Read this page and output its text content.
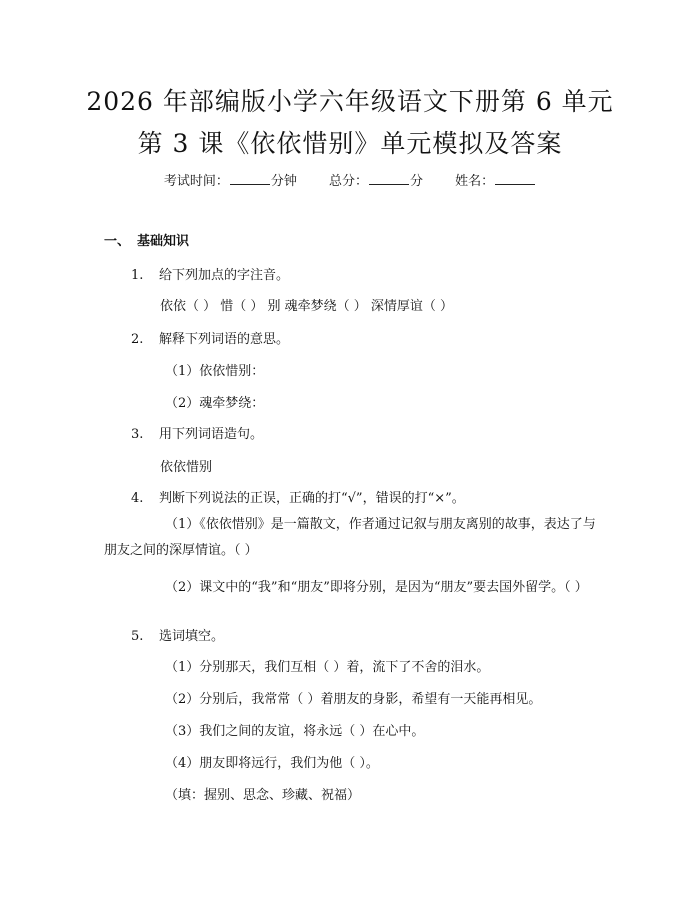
2026 年部编版小学六年级语文下册第 6 单元
第 3 课《依依惜别》单元模拟及答案
考试时间：	分钟 总分：	分 姓名：
一、 基础知识
1. 给下列加点的字注音。
依依（ ） 惜（ ） 别 魂牵梦绕（ ） 深情厚谊（ ）
2. 解释下列词语的意思。
（1）依依惜别：
（2）魂牵梦绕：
3. 用下列词语造句。
依依惜别
4. 判断下列说法的正误，正确的打“√”，错误的打“×”。
（1）《依依惜别》是一篇散文，作者通过记叙与朋友离别的故事，表达了与朋友之间的深厚情谊。（ ）
（2）课文中的“我”和“朋友”即将分别，是因为“朋友”要去国外留学。（ ）
5. 选词填空。
（1）分别那天，我们互相（ ）着，流下了不舍的泪水。
（2）分别后，我常常（ ）着朋友的身影，希望有一天能再相见。
（3）我们之间的友谊，将永远（ ）在心中。
（4）朋友即将远行，我们为他（ ）。
（填：握别、思念、珍藏、祝福）
